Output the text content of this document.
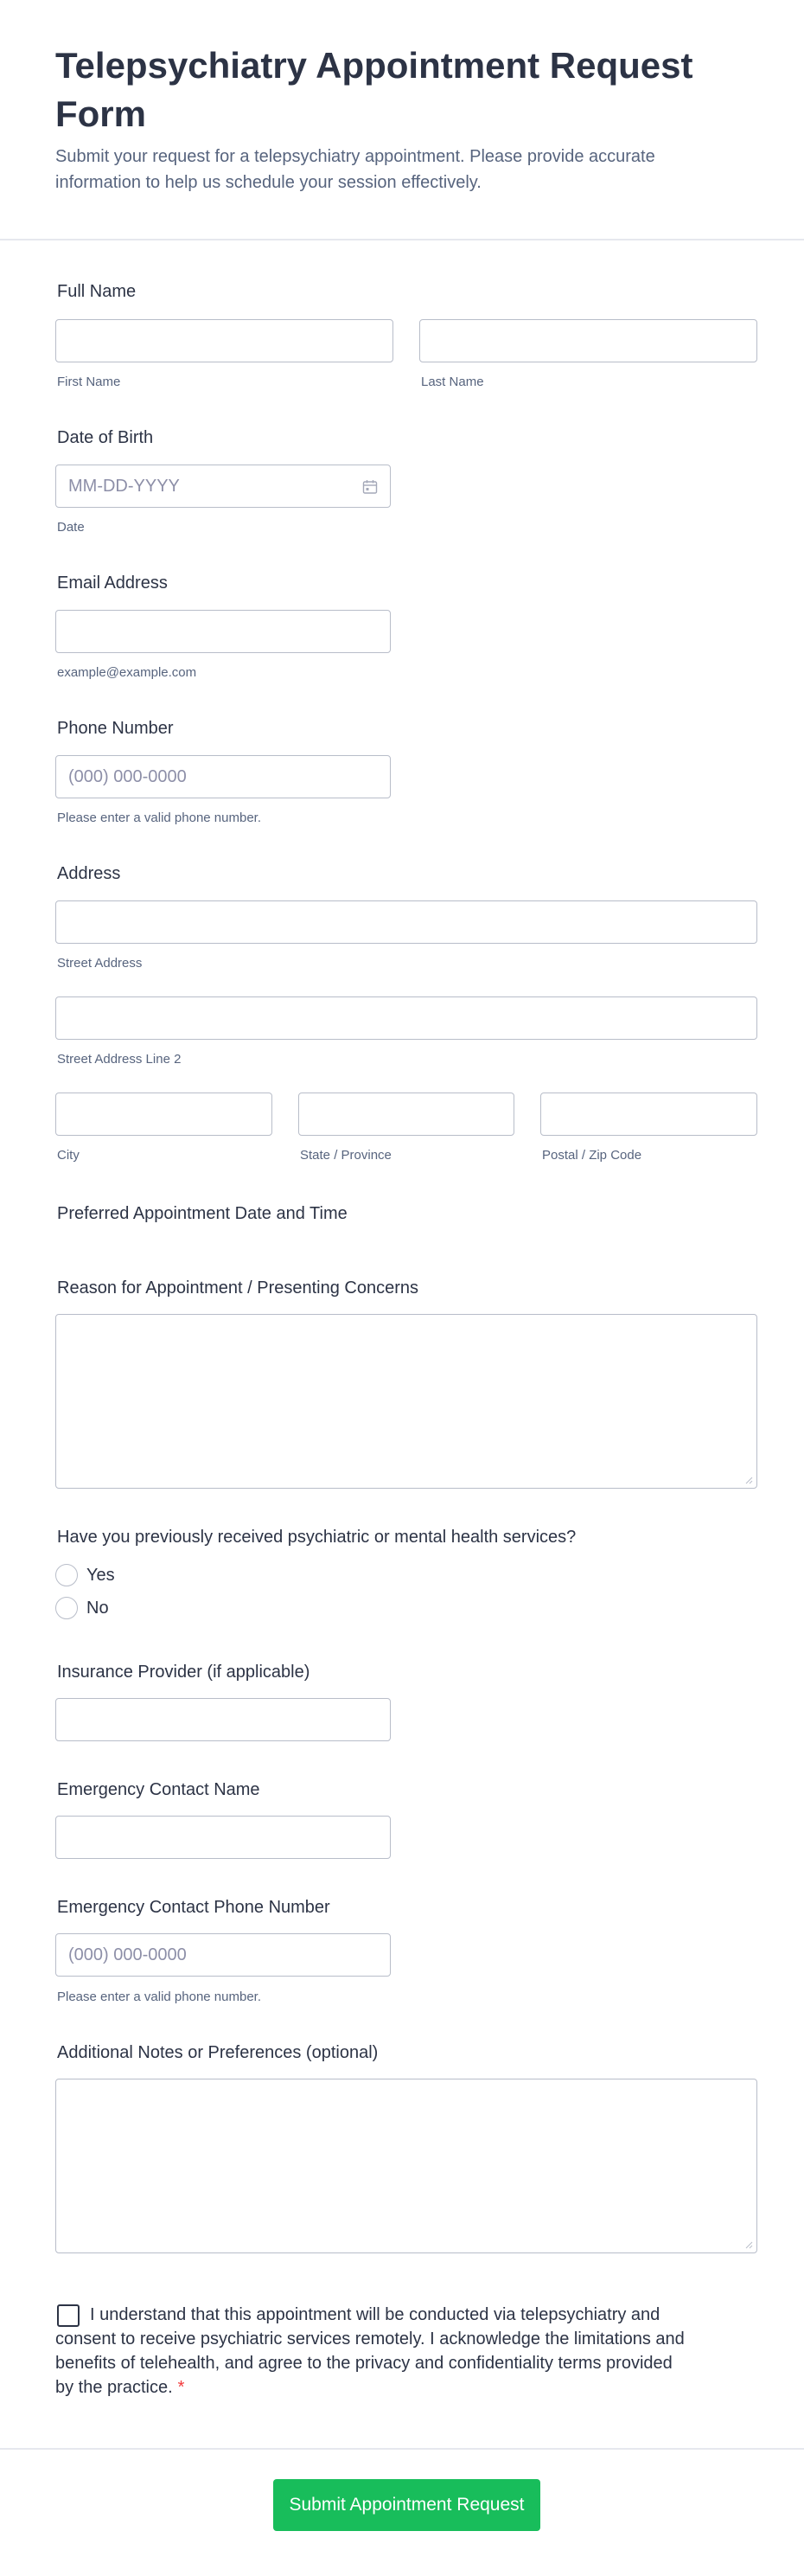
Telepsychiatry Appointment Request Form

Submit your request for a telepsychiatry appointment. Please provide accurate information to help us schedule your session effectively.

Full Name
First Name	Last Name
Date of Birth
MM-DD-YYYY
Date
Email Address
example@example.com
Phone Number
(000) 000-0000
Please enter a valid phone number.
Address
Street Address
Street Address Line 2
City	State / Province	Postal / Zip Code
Preferred Appointment Date and Time
Reason for Appointment / Presenting Concerns
Have you previously received psychiatric or mental health services?
Yes
No
Insurance Provider (if applicable)
Emergency Contact Name
Emergency Contact Phone Number
(000) 000-0000
Please enter a valid phone number.
Additional Notes or Preferences (optional)

I understand that this appointment will be conducted via telepsychiatry and consent to receive psychiatric services remotely. I acknowledge the limitations and benefits of telehealth, and agree to the privacy and confidentiality terms provided by the practice. *

Submit Appointment Request
